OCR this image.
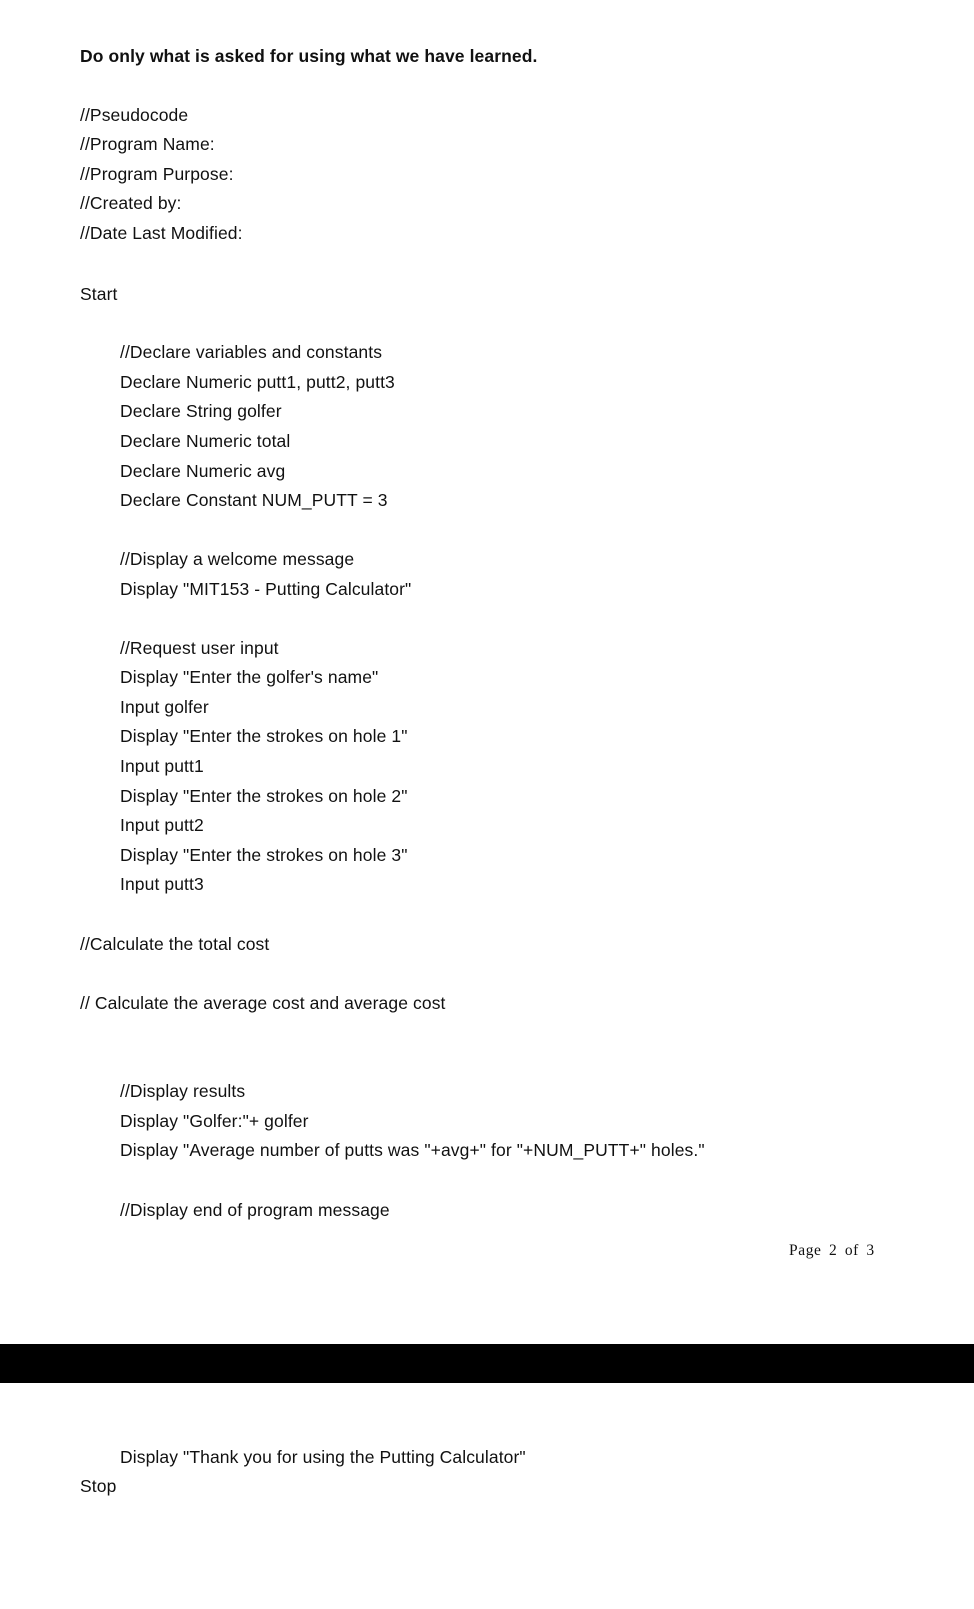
Do only what is asked for using what we have learned.
//Pseudocode
//Program Name:
//Program Purpose:
//Created by:
//Date Last Modified:
Start
//Declare variables and constants
Declare Numeric putt1, putt2, putt3
Declare String golfer
Declare Numeric total
Declare Numeric avg
Declare Constant NUM_PUTT = 3
//Display a welcome message
Display "MIT153 - Putting Calculator"
//Request user input
Display "Enter the golfer's name"
Input golfer
Display "Enter the strokes on hole 1"
Input putt1
Display "Enter the strokes on hole 2"
Input putt2
Display "Enter the strokes on hole 3"
Input putt3
//Calculate the total cost
// Calculate the average cost and average cost
//Display results
Display "Golfer:"+ golfer
Display "Average number of putts was "+avg+" for "+NUM_PUTT+" holes."
//Display end of program message
Page 2 of 3
Display "Thank you for using the Putting Calculator"
Stop
